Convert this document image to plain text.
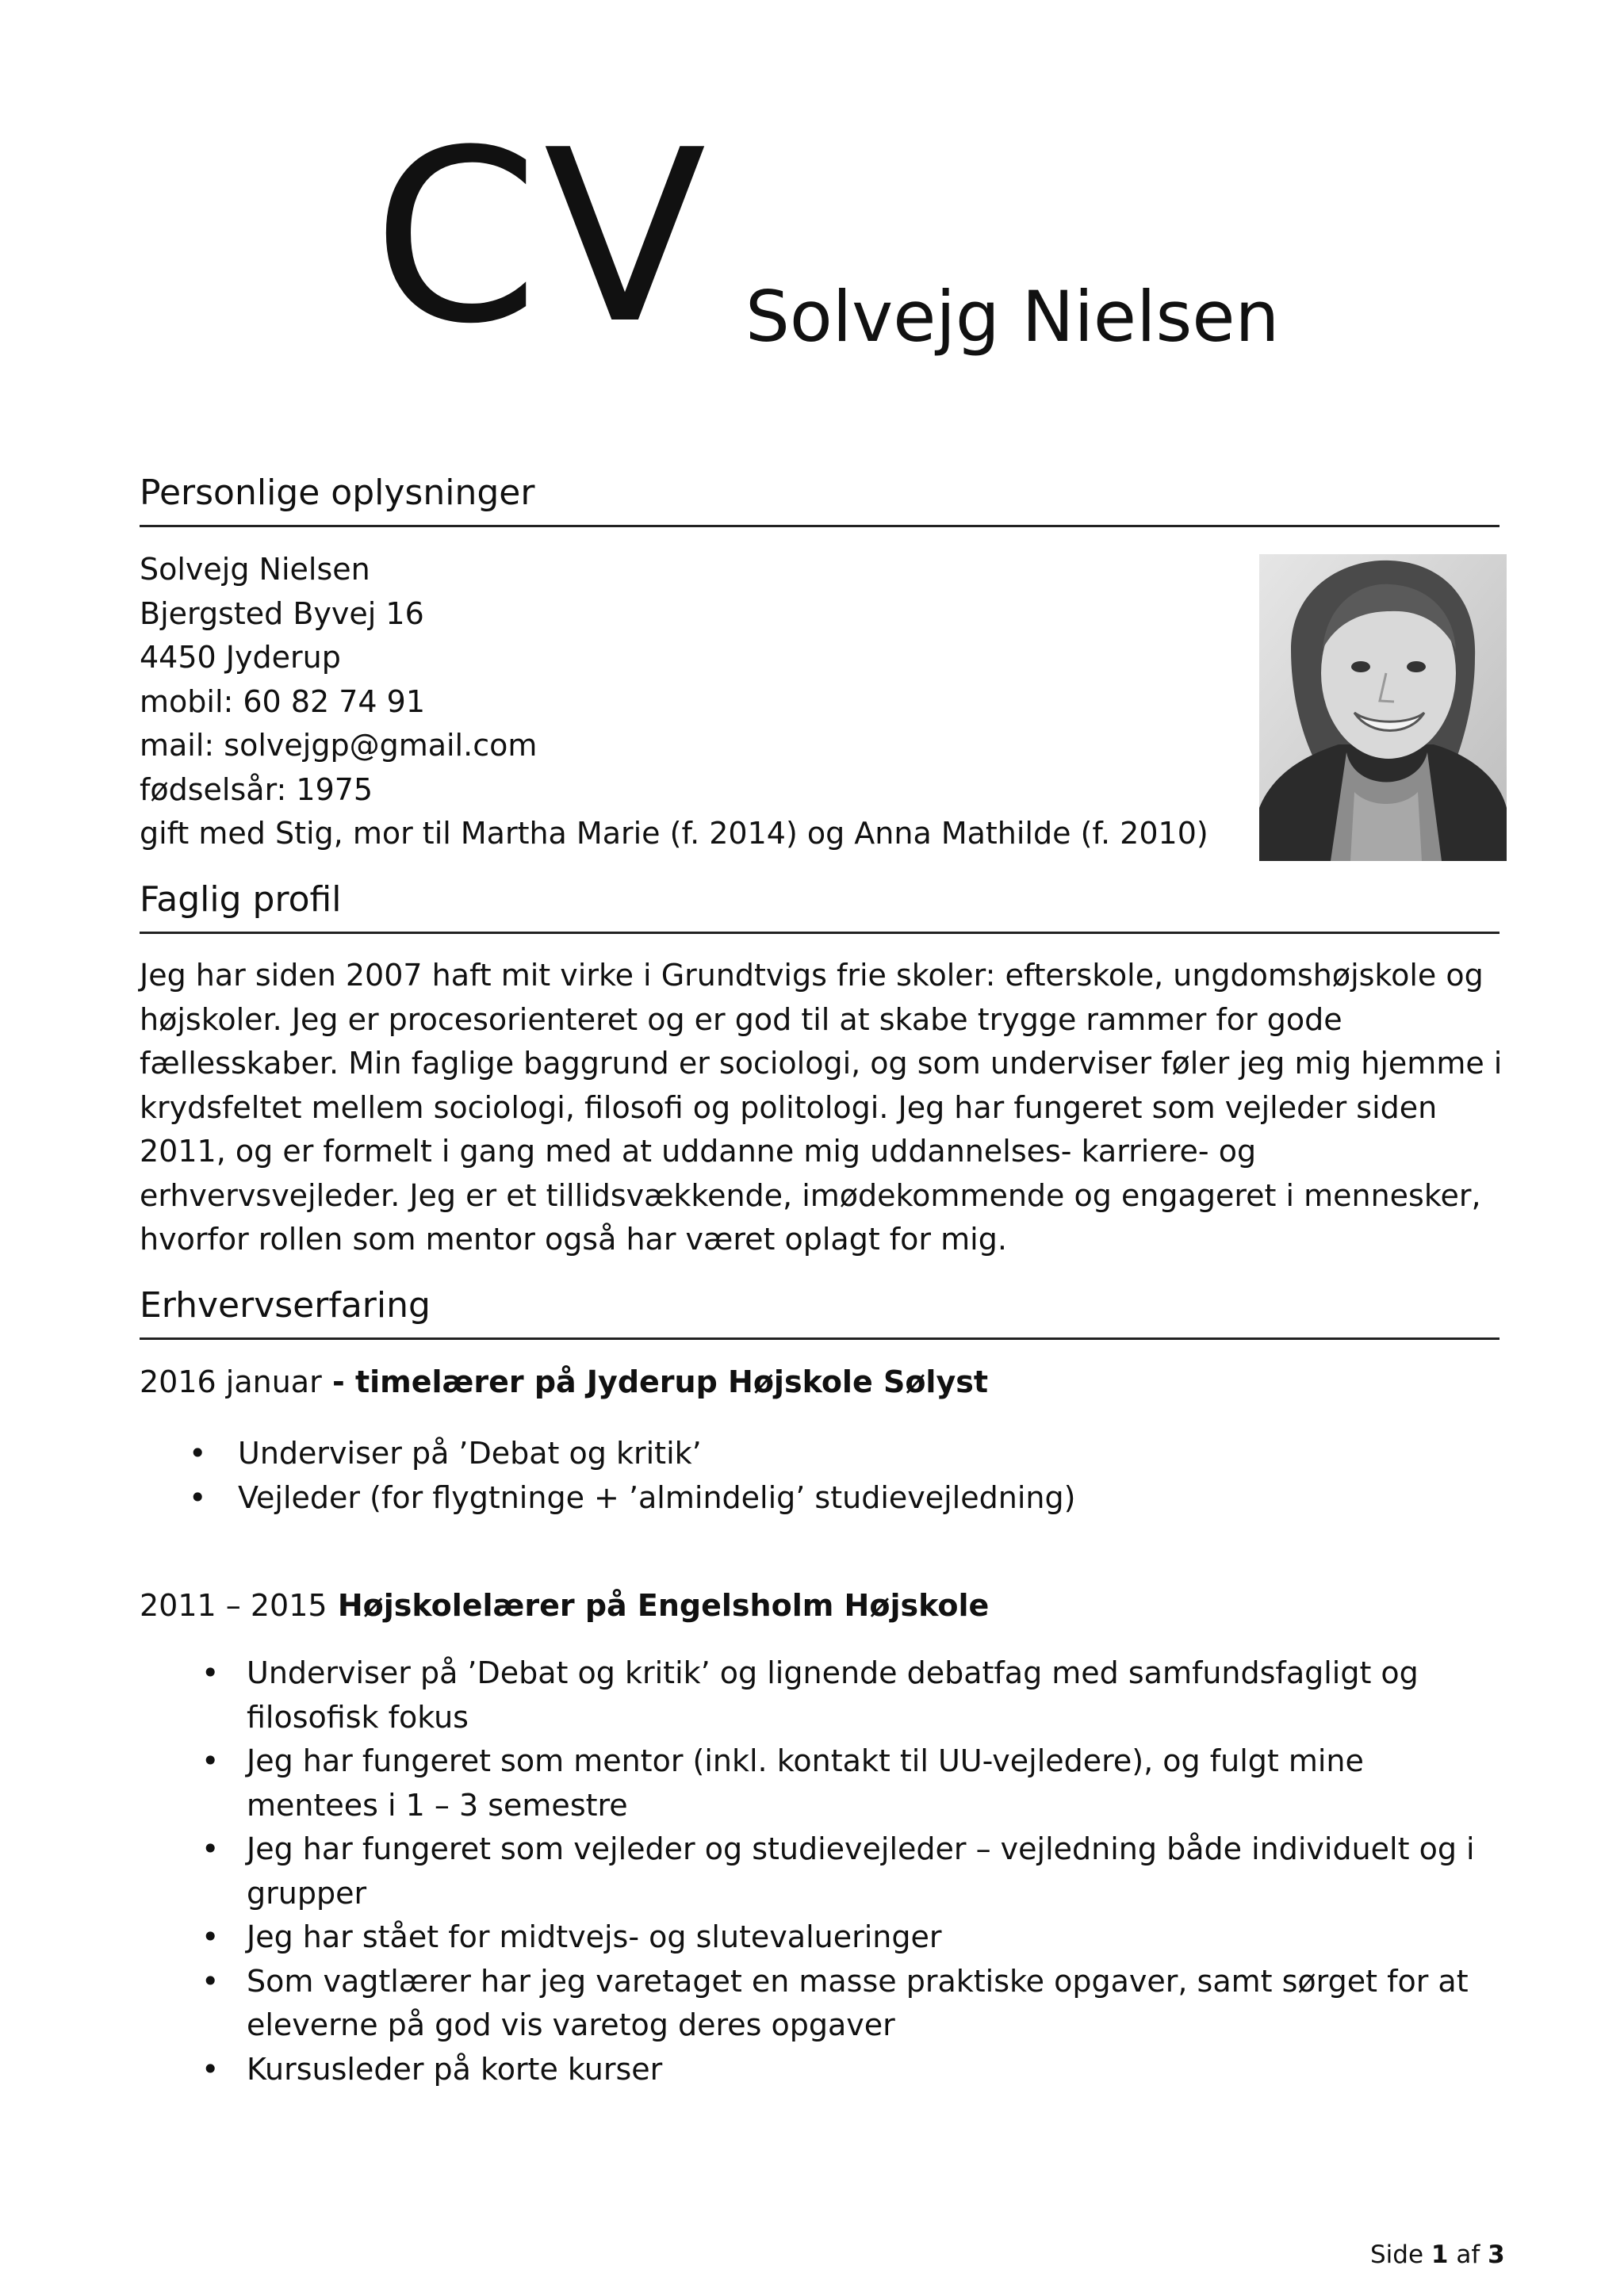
CV Solvejg Nielsen
Personlige oplysninger
Solvejg Nielsen
Bjergsted Byvej 16
4450 Jyderup
mobil: 60 82 74 91
mail: solvejgp@gmail.com
fødselsår: 1975
gift med Stig, mor til Martha Marie (f. 2014) og Anna Mathilde (f. 2010)
Faglig profil
Jeg har siden 2007 haft mit virke i Grundtvigs frie skoler: efterskole, ungdomshøjskole og højskoler. Jeg er procesorienteret og er god til at skabe trygge rammer for gode fællesskaber. Min faglige baggrund er sociologi, og som underviser føler jeg mig hjemme i krydsfeltet mellem sociologi, filosofi og politologi. Jeg har fungeret som vejleder siden 2011, og er formelt i gang med at uddanne mig uddannelses- karriere- og erhvervsvejleder. Jeg er et tillidsvækkende, imødekommende og engageret i mennesker, hvorfor rollen som mentor også har været oplagt for mig.
Erhvervserfaring
2016 januar - timelærer på Jyderup Højskole Sølyst
• Underviser på ’Debat og kritik’
• Vejleder (for flygtninge + ’almindelig’ studievejledning)
2011 – 2015 Højskolelærer på Engelsholm Højskole
• Underviser på ’Debat og kritik’ og lignende debatfag med samfundsfagligt og filosofisk fokus
• Jeg har fungeret som mentor (inkl. kontakt til UU-vejledere), og fulgt mine mentees i 1 – 3 semestre
• Jeg har fungeret som vejleder og studievejleder – vejledning både individuelt og i grupper
• Jeg har stået for midtvejs- og slutevalueringer
• Som vagtlærer har jeg varetaget en masse praktiske opgaver, samt sørget for at eleverne på god vis varetog deres opgaver
• Kursusleder på korte kurser
Side 1 af 3
